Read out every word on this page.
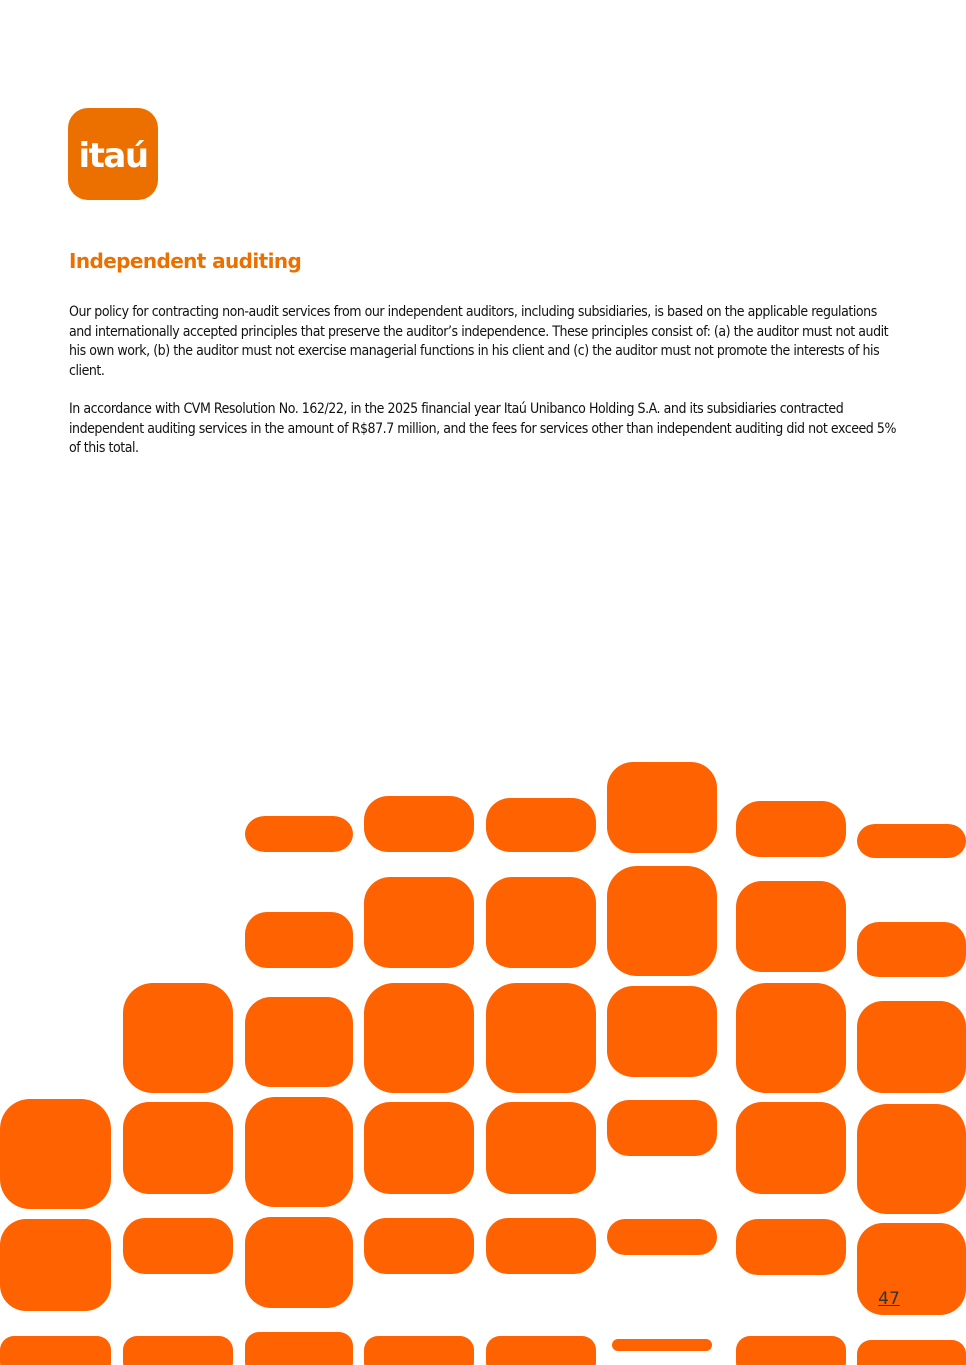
itaú
Independent auditing

Our policy for contracting non-audit services from our independent auditors, including subsidiaries, is based on the applicable regulations and internationally accepted principles that preserve the auditor’s independence. These principles consist of: (a) the auditor must not audit his own work, (b) the auditor must not exercise managerial functions in his client and (c) the auditor must not promote the interests of his client.

In accordance with CVM Resolution No. 162/22, in the 2025 financial year Itaú Unibanco Holding S.A. and its subsidiaries contracted independent auditing services in the amount of R$87.7 million, and the fees for services other than independent auditing did not exceed 5% of this total.

47
